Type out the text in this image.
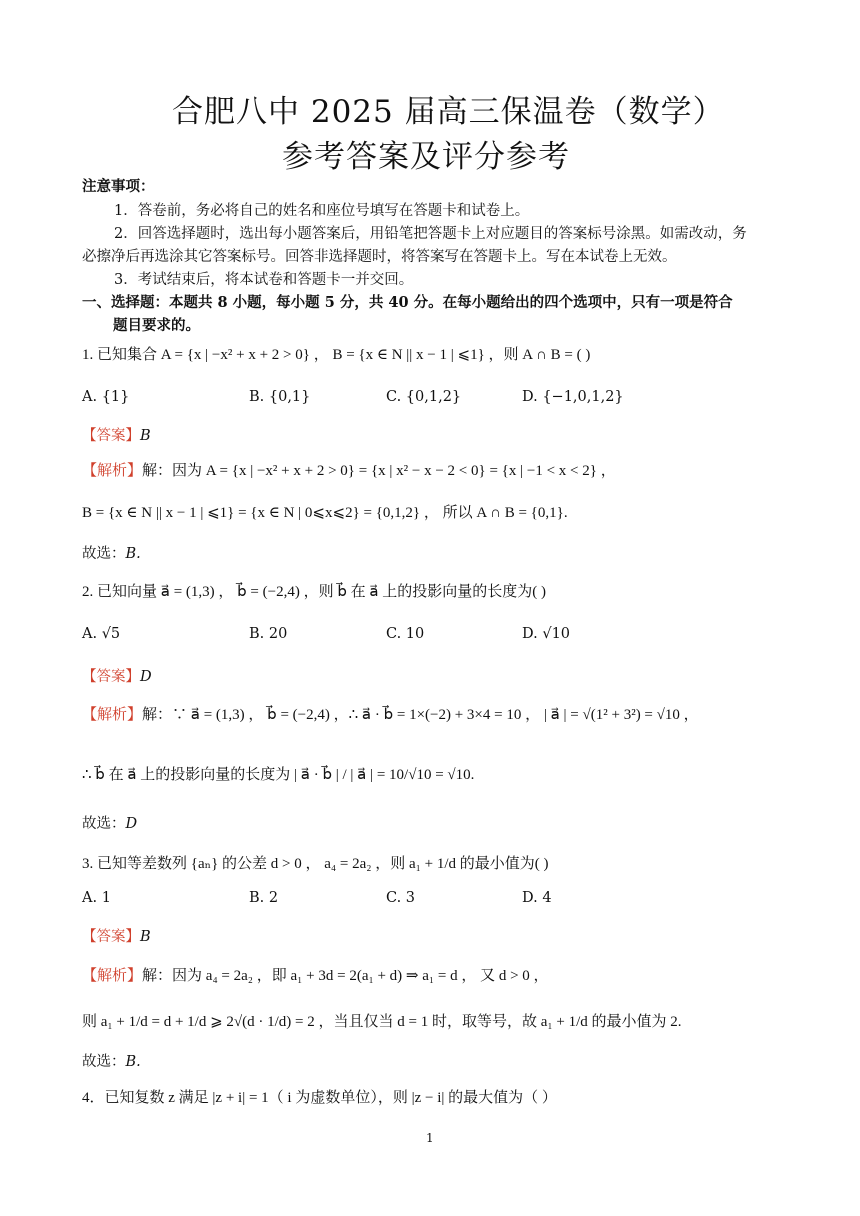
合肥八中 2025 届高三保温卷（数学）
参考答案及评分参考
注意事项：
1．答卷前，务必将自己的姓名和座位号填写在答题卡和试卷上。
2．回答选择题时，选出每小题答案后，用铅笔把答题卡上对应题目的答案标号涂黑。如需改动，务
必擦净后再选涂其它答案标号。回答非选择题时，将答案写在答题卡上。写在本试卷上无效。
3．考试结束后，将本试卷和答题卡一并交回。
一、选择题：本题共 8 小题，每小题 5 分，共 40 分。在每小题给出的四个选项中，只有一项是符合
题目要求的。
1. 已知集合 A = {x | −x² + x + 2 > 0} ， B = {x ∈ N || x − 1 | ⩽1} ，则 A ∩ B = ( )
A. {1}	B. {0,1}	C. {0,1,2}	D. {−1,0,1,2}
【答案】B
【解析】解：因为 A = {x | −x² + x + 2 > 0} = {x | x² − x − 2 < 0} = {x | −1 < x < 2} ，
B = {x ∈ N || x − 1 | ⩽1} = {x ∈ N | 0⩽x⩽2} = {0,1,2} ， 所以 A ∩ B = {0,1}.
故选：B.
2. 已知向量 a⃗ = (1,3) ， b⃗ = (−2,4) ，则 b⃗ 在 a⃗ 上的投影向量的长度为( )
A. √5	B. 20	C. 10	D. √10
【答案】D
【解析】解：∵ a⃗ = (1,3) ， b⃗ = (−2,4) ，∴ a⃗ · b⃗ = 1×(−2) + 3×4 = 10 ， | a⃗ | = √(1² + 3²) = √10 ，
∴ b⃗ 在 a⃗ 上的投影向量的长度为 | a⃗ · b⃗ | / | a⃗ | = 10/√10 = √10.
故选：D
3. 已知等差数列 {aₙ} 的公差 d > 0 ， a₄ = 2a₂ ，则 a₁ + 1/d 的最小值为( )
A. 1	B. 2	C. 3	D. 4
【答案】B
【解析】解：因为 a₄ = 2a₂ ，即 a₁ + 3d = 2(a₁ + d) ⇒ a₁ = d ， 又 d > 0 ，
则 a₁ + 1/d = d + 1/d ⩾ 2√(d · 1/d) = 2 ，当且仅当 d = 1 时，取等号，故 a₁ + 1/d 的最小值为 2.
故选：B.
4．已知复数 z 满足 |z + i| = 1（ i 为虚数单位），则 |z − i| 的最大值为（ ）
1
